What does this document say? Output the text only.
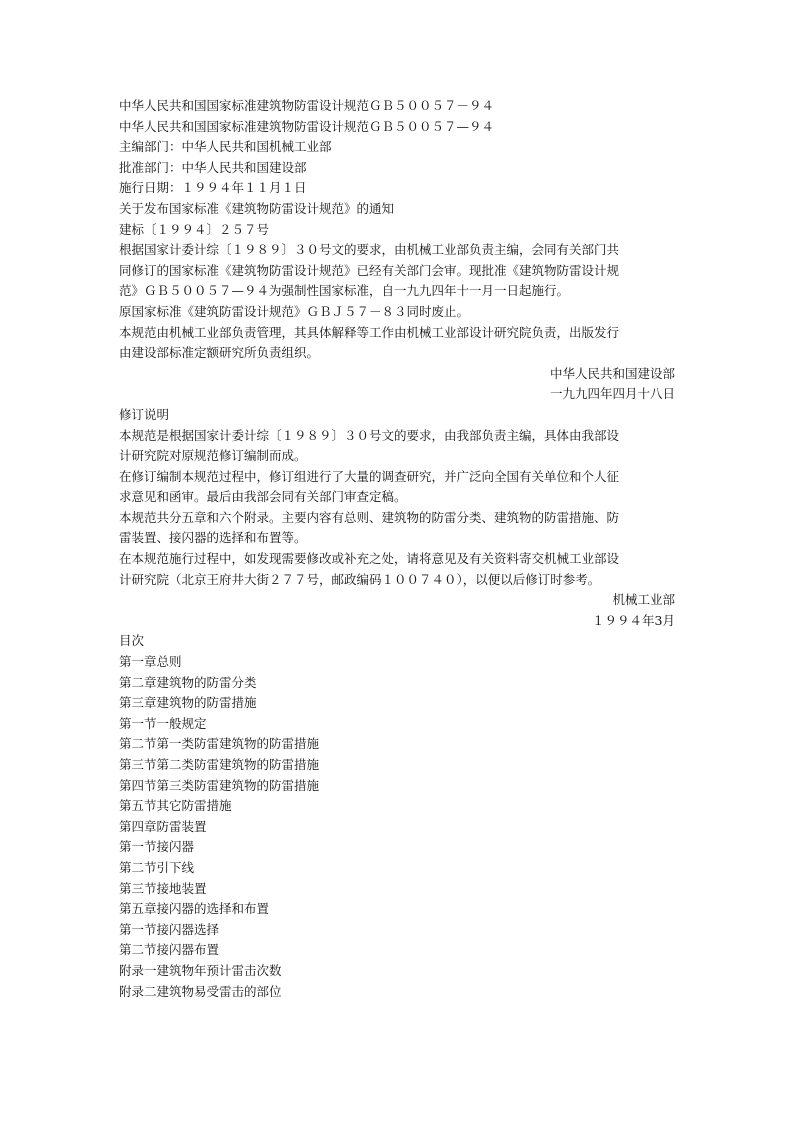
中华人民共和国国家标准建筑物防雷设计规范ＧＢ５００５７－９４
中华人民共和国国家标准建筑物防雷设计规范ＧＢ５００５７—９４
主编部门：中华人民共和国机械工业部
批准部门：中华人民共和国建设部
施行日期：１９９４年１１月１日
关于发布国家标准《建筑物防雷设计规范》的通知
建标〔１９９４〕２５７号
根据国家计委计综〔１９８９〕３０号文的要求，由机械工业部负责主编，会同有关部门共
同修订的国家标准《建筑物防雷设计规范》已经有关部门会审。现批准《建筑物防雷设计规
范》ＧＢ５００５７—９４为强制性国家标准，自一九九四年十一月一日起施行。
原国家标准《建筑防雷设计规范》ＧＢＪ５７－８３同时废止。
本规范由机械工业部负责管理，其具体解释等工作由机械工业部设计研究院负责，出版发行
由建设部标准定额研究所负责组织。
中华人民共和国建设部
一九九四年四月十八日
修订说明
本规范是根据国家计委计综〔１９８９〕３０号文的要求，由我部负责主编，具体由我部设
计研究院对原规范修订编制而成。
在修订编制本规范过程中，修订组进行了大量的调查研究，并广泛向全国有关单位和个人征
求意见和函审。最后由我部会同有关部门审查定稿。
本规范共分五章和六个附录。主要内容有总则、建筑物的防雷分类、建筑物的防雷措施、防
雷装置、接闪器的选择和布置等。
在本规范施行过程中，如发现需要修改或补充之处，请将意见及有关资料寄交机械工业部设
计研究院（北京王府井大街２７７号，邮政编码１００７４０），以便以后修订时参考。
机械工业部
１９９４年3月
目次
第一章总则
第二章建筑物的防雷分类
第三章建筑物的防雷措施
第一节一般规定
第二节第一类防雷建筑物的防雷措施
第三节第二类防雷建筑物的防雷措施
第四节第三类防雷建筑物的防雷措施
第五节其它防雷措施
第四章防雷装置
第一节接闪器
第二节引下线
第三节接地装置
第五章接闪器的选择和布置
第一节接闪器选择
第二节接闪器布置
附录一建筑物年预计雷击次数
附录二建筑物易受雷击的部位
